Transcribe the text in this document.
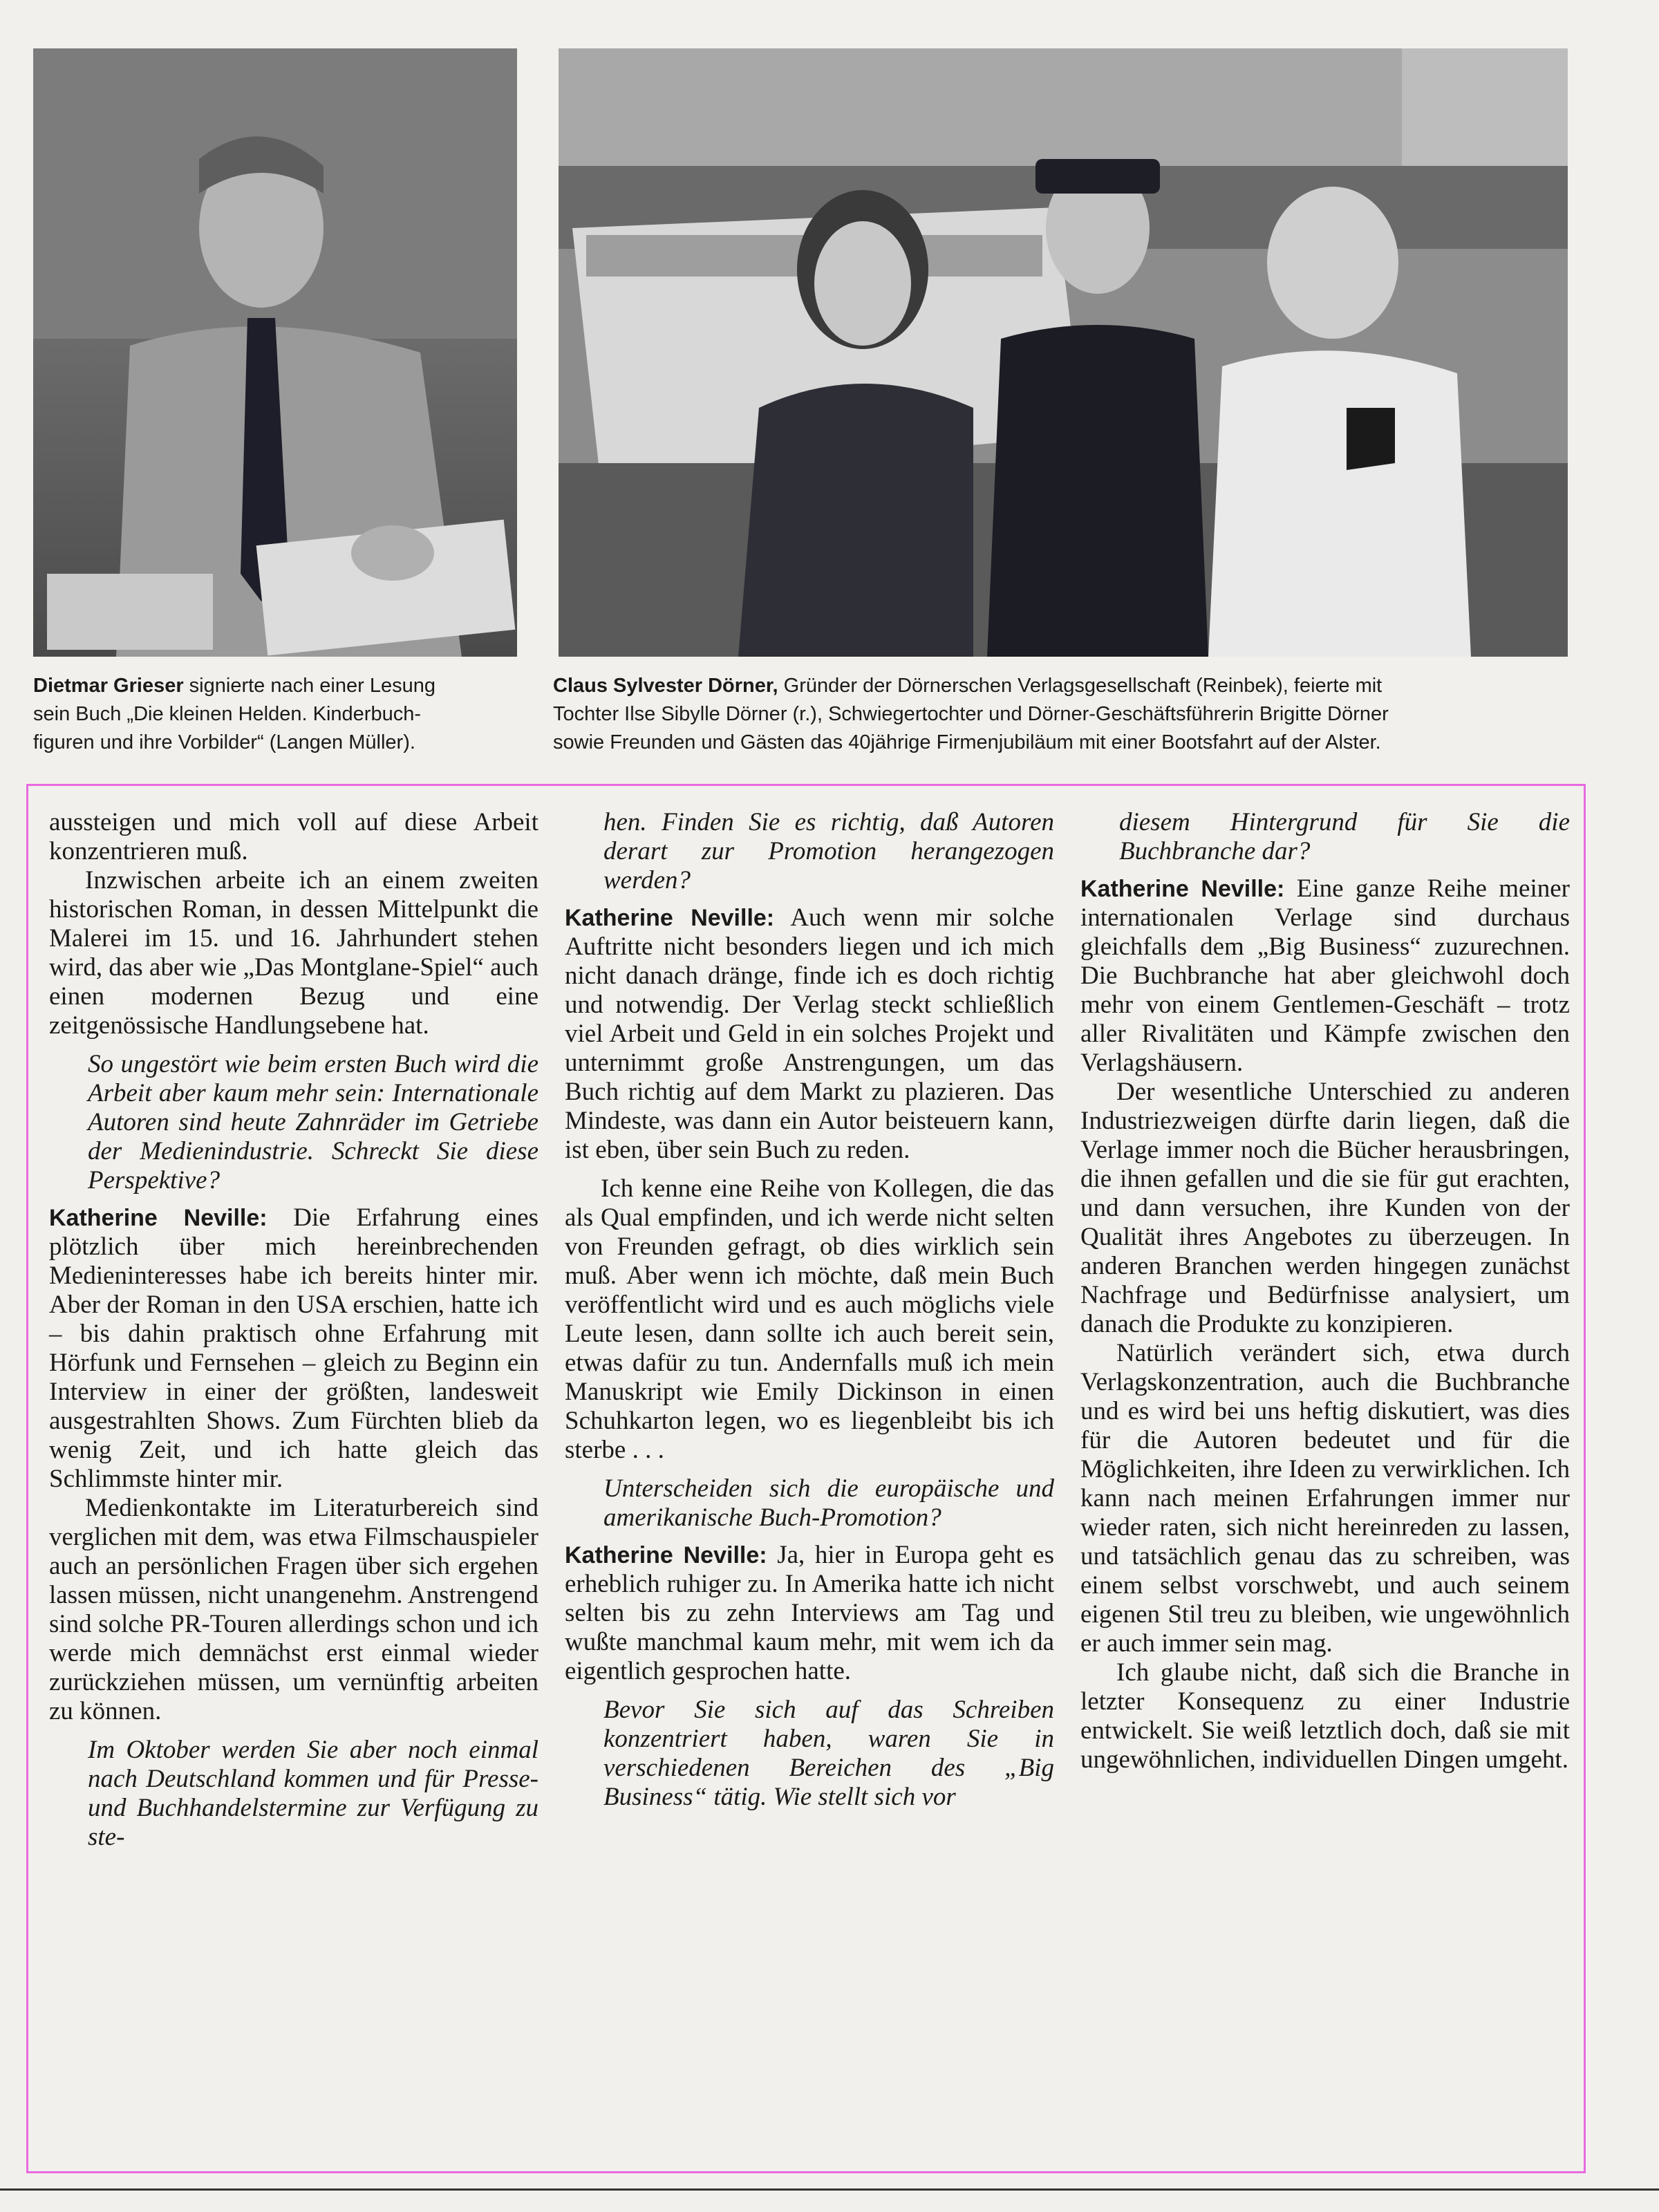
Dietmar Grieser signierte nach einer Lesung
sein Buch „Die kleinen Helden. Kinderbuch-
figuren und ihre Vorbilder“ (Langen Müller).
Claus Sylvester Dörner, Gründer der Dörnerschen Verlagsgesellschaft (Reinbek), feierte mit
Tochter Ilse Sibylle Dörner (r.), Schwiegertochter und Dörner-Geschäftsführerin Brigitte Dörner
sowie Freunden und Gästen das 40jährige Firmenjubiläum mit einer Bootsfahrt auf der Alster.

aussteigen und mich voll auf diese Arbeit konzentrieren muß.

Inzwischen arbeite ich an einem zweiten historischen Roman, in dessen Mittelpunkt die Malerei im 15. und 16. Jahrhundert stehen wird, das aber wie „Das Montglane-Spiel“ auch einen modernen Bezug und eine zeitgenössische Handlungsebene hat.

So ungestört wie beim ersten Buch wird die Arbeit aber kaum mehr sein: Internationale Autoren sind heute Zahnräder im Getriebe der Medienindustrie. Schreckt Sie diese Perspektive?

Katherine Neville: Die Erfahrung eines plötzlich über mich hereinbrechenden Medieninteresses habe ich bereits hinter mir. Aber der Roman in den USA erschien, hatte ich – bis dahin praktisch ohne Erfahrung mit Hörfunk und Fernsehen – gleich zu Beginn ein Interview in einer der größten, landesweit ausgestrahlten Shows. Zum Fürchten blieb da wenig Zeit, und ich hatte gleich das Schlimmste hinter mir.

Medienkontakte im Literaturbereich sind verglichen mit dem, was etwa Filmschauspieler auch an persönlichen Fragen über sich ergehen lassen müssen, nicht unangenehm. Anstrengend sind solche PR-Touren allerdings schon und ich werde mich demnächst erst einmal wieder zurückziehen müssen, um vernünftig arbeiten zu können.

Im Oktober werden Sie aber noch einmal nach Deutschland kommen und für Presse- und Buchhandelstermine zur Verfügung zu ste-

hen. Finden Sie es richtig, daß Autoren derart zur Promotion herangezogen werden?

Katherine Neville: Auch wenn mir solche Auftritte nicht besonders liegen und ich mich nicht danach dränge, finde ich es doch richtig und notwendig. Der Verlag steckt schließlich viel Arbeit und Geld in ein solches Projekt und unternimmt große Anstrengungen, um das Buch richtig auf dem Markt zu plazieren. Das Mindeste, was dann ein Autor beisteuern kann, ist eben, über sein Buch zu reden.

Ich kenne eine Reihe von Kollegen, die das als Qual empfinden, und ich werde nicht selten von Freunden gefragt, ob dies wirklich sein muß. Aber wenn ich möchte, daß mein Buch veröffentlicht wird und es auch möglichs viele Leute lesen, dann sollte ich auch bereit sein, etwas dafür zu tun. Andernfalls muß ich mein Manuskript wie Emily Dickinson in einen Schuhkarton legen, wo es liegenbleibt bis ich sterbe . . .

Unterscheiden sich die europäische und amerikanische Buch-Promotion?

Katherine Neville: Ja, hier in Europa geht es erheblich ruhiger zu. In Amerika hatte ich nicht selten bis zu zehn Interviews am Tag und wußte manchmal kaum mehr, mit wem ich da eigentlich gesprochen hatte.

Bevor Sie sich auf das Schreiben konzentriert haben, waren Sie in verschiedenen Bereichen des „Big Business“ tätig. Wie stellt sich vor

diesem Hintergrund für Sie die Buchbranche dar?

Katherine Neville: Eine ganze Reihe meiner internationalen Verlage sind durchaus gleichfalls dem „Big Business“ zuzurechnen. Die Buchbranche hat aber gleichwohl doch mehr von einem Gentlemen-Geschäft – trotz aller Rivalitäten und Kämpfe zwischen den Verlagshäusern.

Der wesentliche Unterschied zu anderen Industriezweigen dürfte darin liegen, daß die Verlage immer noch die Bücher herausbringen, die ihnen gefallen und die sie für gut erachten, und dann versuchen, ihre Kunden von der Qualität ihres Angebotes zu überzeugen. In anderen Branchen werden hingegen zunächst Nachfrage und Bedürfnisse analysiert, um danach die Produkte zu konzipieren.

Natürlich verändert sich, etwa durch Verlagskonzentration, auch die Buchbranche und es wird bei uns heftig diskutiert, was dies für die Autoren bedeutet und für die Möglichkeiten, ihre Ideen zu verwirklichen. Ich kann nach meinen Erfahrungen immer nur wieder raten, sich nicht hereinreden zu lassen, und tatsächlich genau das zu schreiben, was einem selbst vorschwebt, und auch seinem eigenen Stil treu zu bleiben, wie ungewöhnlich er auch immer sein mag.

Ich glaube nicht, daß sich die Branche in letzter Konsequenz zu einer Industrie entwickelt. Sie weiß letztlich doch, daß sie mit ungewöhnlichen, individuellen Dingen umgeht.
